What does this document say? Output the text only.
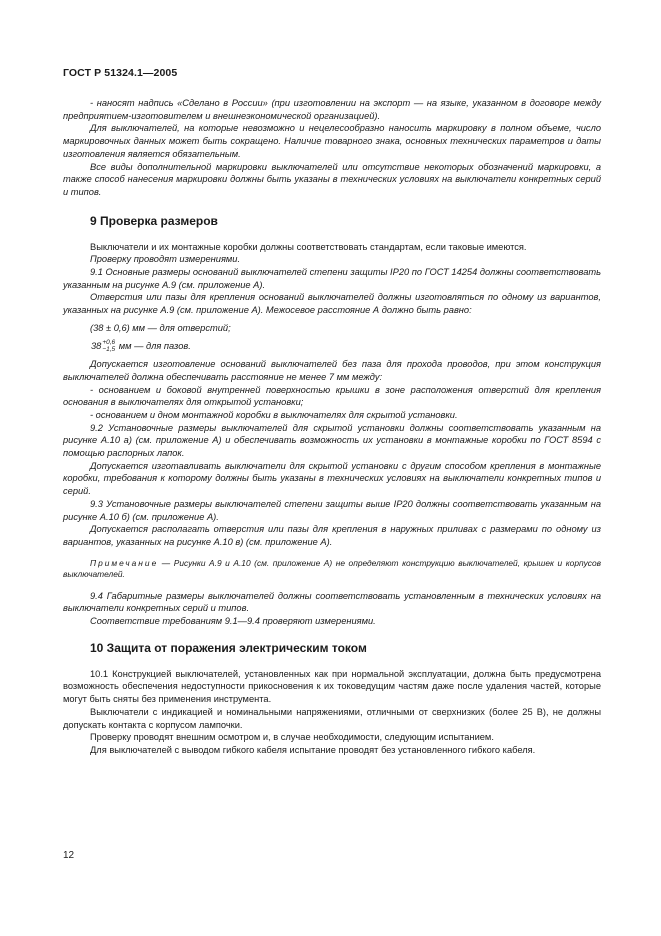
ГОСТ Р 51324.1—2005

- наносят надпись «Сделано в России» (при изготовлении на экспорт — на языке, указанном в договоре между предприятием-изготовителем и внешнеэкономической организацией).

Для выключателей, на которые невозможно и нецелесообразно наносить маркировку в полном объеме, число маркировочных данных может быть сокращено. Наличие товарного знака, основных технических параметров и даты изготовления является обязательным.

Все виды дополнительной маркировки выключателей или отсутствие некоторых обозначений маркировки, а также способ нанесения маркировки должны быть указаны в технических условиях на выключатели конкретных серий и типов.

9 Проверка размеров

Выключатели и их монтажные коробки должны соответствовать стандартам, если таковые имеются.

Проверку проводят измерениями.

9.1 Основные размеры оснований выключателей степени защиты IP20 по ГОСТ 14254 должны соответствовать указанным на рисунке А.9 (см. приложение А).

Отверстия или пазы для крепления оснований выключателей должны изготовляться по одному из вариантов, указанных на рисунке А.9 (см. приложение А). Межосевое расстояние А должно быть равно:

(38 ± 0,6) мм — для отверстий;
38 +0,6
−1,5 мм — для пазов.

Допускается изготовление оснований выключателей без паза для прохода проводов, при этом конструкция выключателей должна обеспечивать расстояние не менее 7 мм между:

- основанием и боковой внутренней поверхностью крышки в зоне расположения отверстий для крепления основания в выключателях для открытой установки;

- основанием и дном монтажной коробки в выключателях для скрытой установки.

9.2 Установочные размеры выключателей для скрытой установки должны соответствовать указанным на рисунке А.10 а) (см. приложение А) и обеспечивать возможность их установки в монтажные коробки по ГОСТ 8594 с помощью распорных лапок.

Допускается изготавливать выключатели для скрытой установки с другим способом крепления в монтажные коробки, требования к которому должны быть указаны в технических условиях на выключатели конкретных типов и серий.

9.3 Установочные размеры выключателей степени защиты выше IP20 должны соответствовать указанным на рисунке А.10 б) (см. приложение А).

Допускается располагать отверстия или пазы для крепления в наружных приливах с размерами по одному из вариантов, указанных на рисунке А.10 в) (см. приложение А).

Примечание — Рисунки А.9 и А.10 (см. приложение А) не определяют конструкцию выключателей, крышек и корпусов выключателей.

9.4 Габаритные размеры выключателей должны соответствовать установленным в технических условиях на выключатели конкретных серий и типов.

Соответствие требованиям 9.1—9.4 проверяют измерениями.

10 Защита от поражения электрическим током

10.1 Конструкцией выключателей, установленных как при нормальной эксплуатации, должна быть предусмотрена возможность обеспечения недоступности прикосновения к их токоведущим частям даже после удаления частей, которые могут быть сняты без применения инструмента.

Выключатели с индикацией и номинальными напряжениями, отличными от сверхнизких (более 25 В), не должны допускать контакта с корпусом лампочки.

Проверку проводят внешним осмотром и, в случае необходимости, следующим испытанием.

Для выключателей с выводом гибкого кабеля испытание проводят без установленного гибкого кабеля.

12
